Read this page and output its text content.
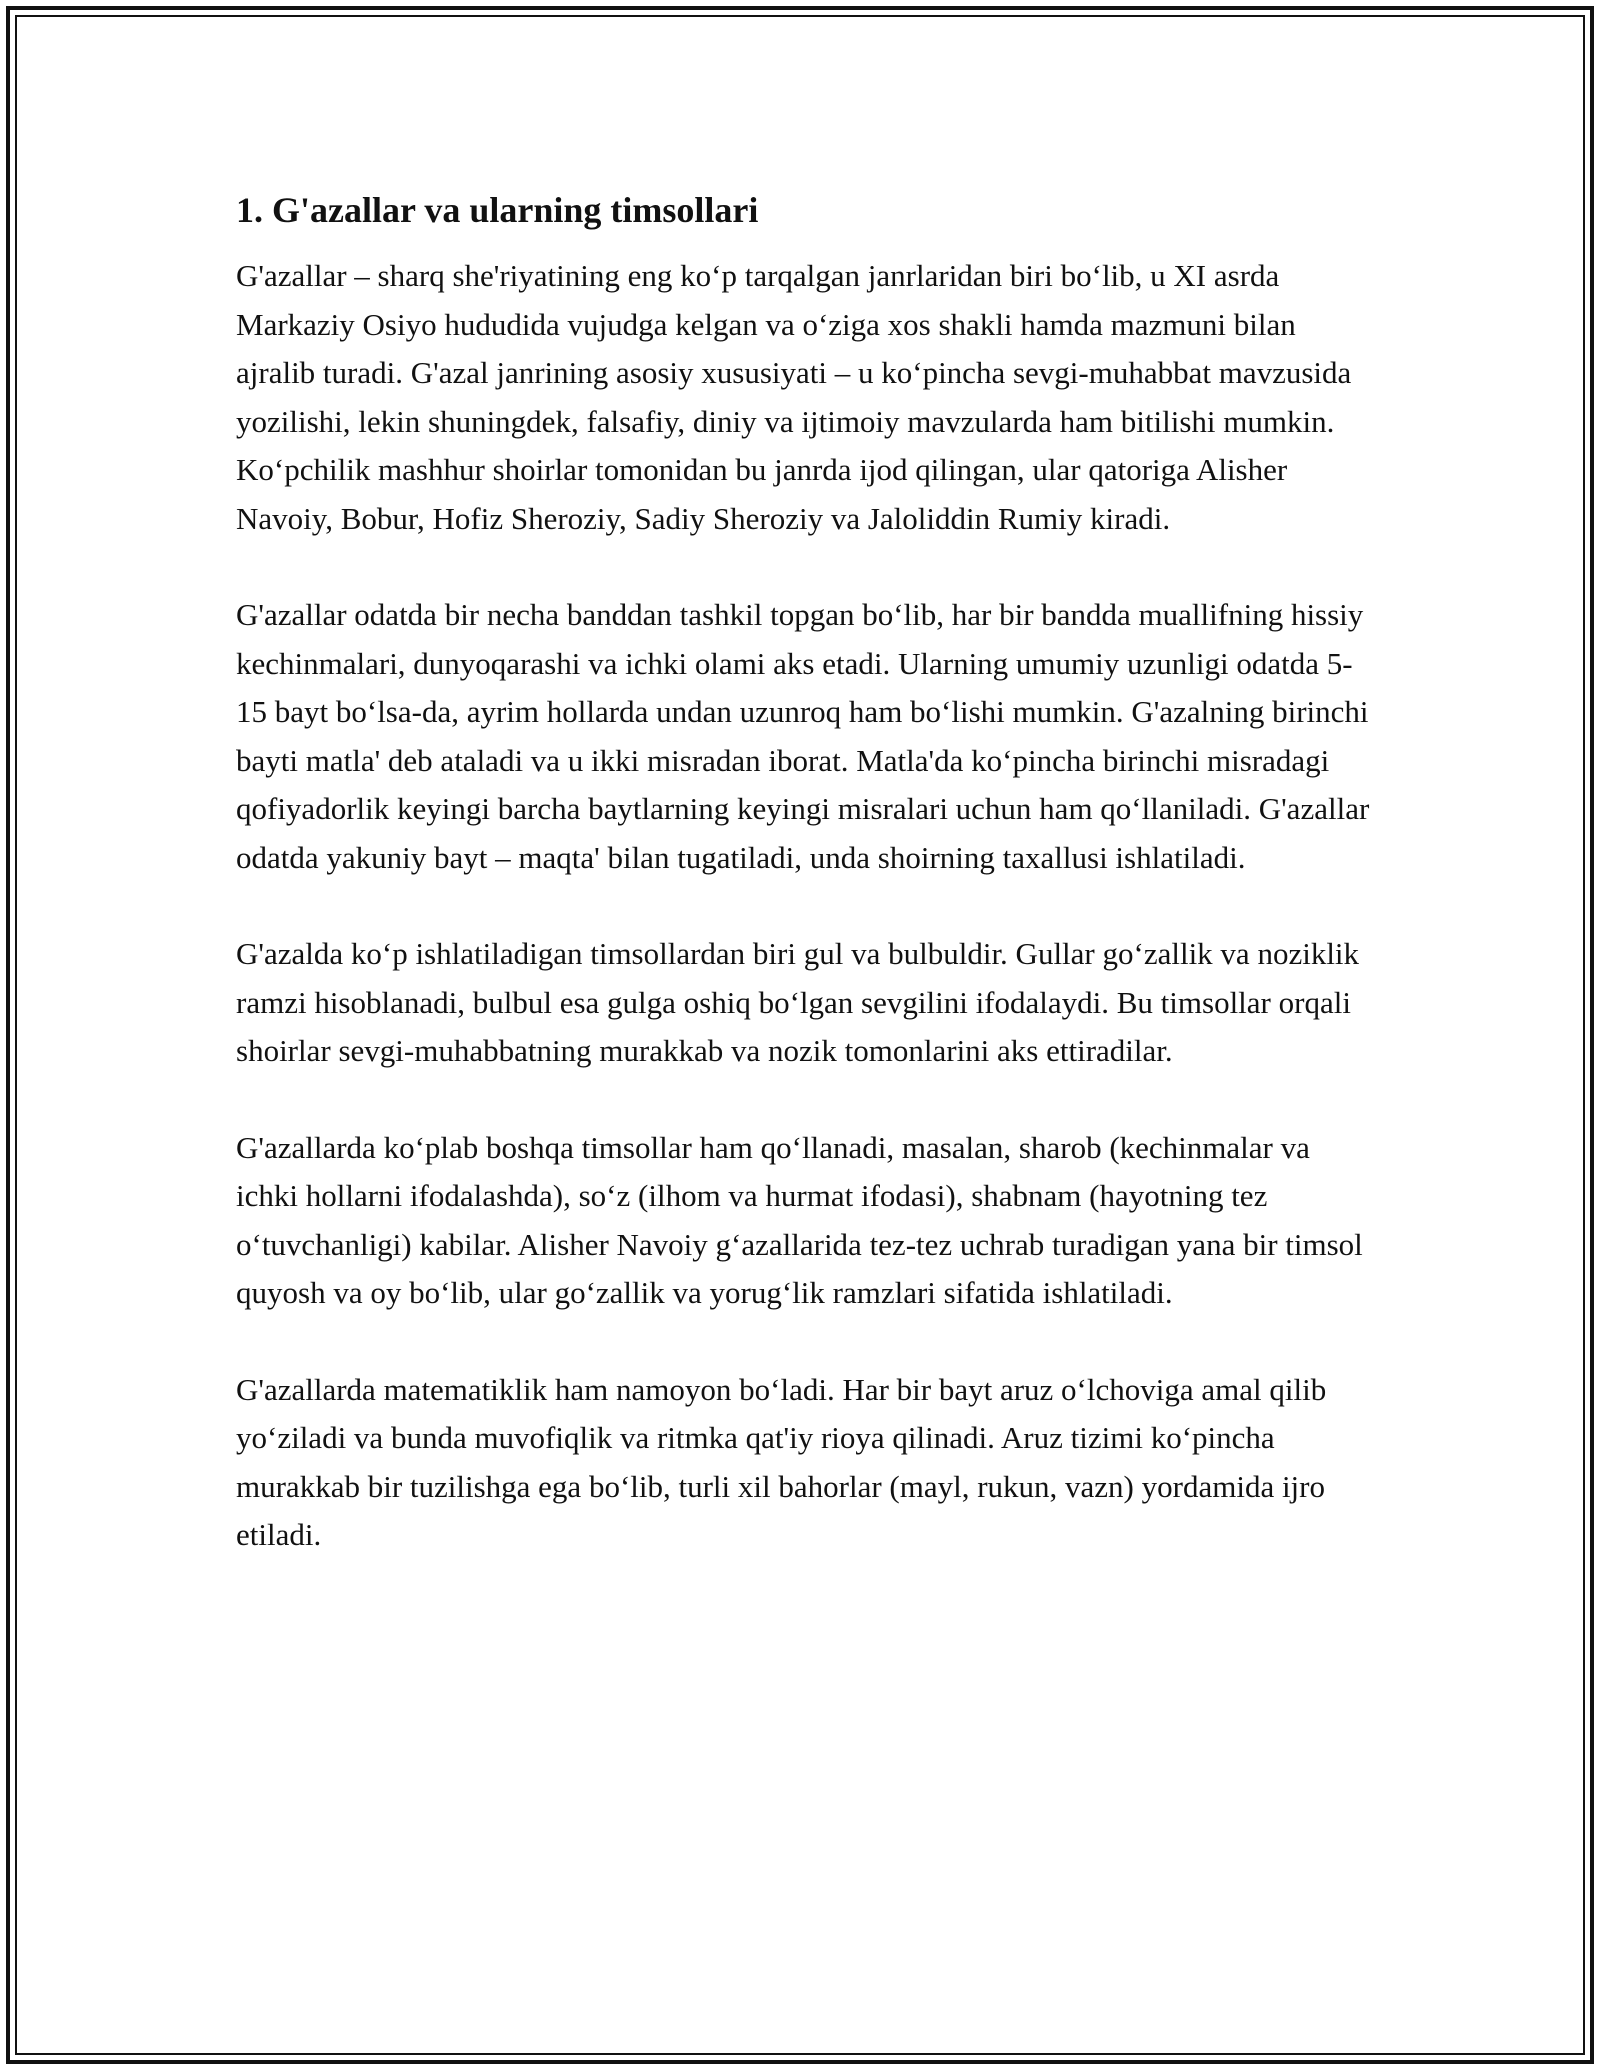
1. G'azallar va ularning timsollari

G'azallar – sharq she'riyatining eng ko‘p tarqalgan janrlaridan biri bo‘lib, u XI asrda Markaziy Osiyo hududida vujudga kelgan va o‘ziga xos shakli hamda mazmuni bilan ajralib turadi. G'azal janrining asosiy xususiyati – u ko‘pincha sevgi-muhabbat mavzusida yozilishi, lekin shuningdek, falsafiy, diniy va ijtimoiy mavzularda ham bitilishi mumkin. Ko‘pchilik mashhur shoirlar tomonidan bu janrda ijod qilingan, ular qatoriga Alisher Navoiy, Bobur, Hofiz Sheroziy, Sadiy Sheroziy va Jaloliddin Rumiy kiradi.

G'azallar odatda bir necha banddan tashkil topgan bo‘lib, har bir bandda muallifning hissiy kechinmalari, dunyoqarashi va ichki olami aks etadi. Ularning umumiy uzunligi odatda 5-15 bayt bo‘lsa-da, ayrim hollarda undan uzunroq ham bo‘lishi mumkin. G'azalning birinchi bayti matla' deb ataladi va u ikki misradan iborat. Matla'da ko‘pincha birinchi misradagi qofiyadorlik keyingi barcha baytlarning keyingi misralari uchun ham qo‘llaniladi. G'azallar odatda yakuniy bayt – maqta' bilan tugatiladi, unda shoirning taxallusi ishlatiladi.

G'azalda ko‘p ishlatiladigan timsollardan biri gul va bulbuldir. Gullar go‘zallik va noziklik ramzi hisoblanadi, bulbul esa gulga oshiq bo‘lgan sevgilini ifodalaydi. Bu timsollar orqali shoirlar sevgi-muhabbatning murakkab va nozik tomonlarini aks ettiradilar.

G'azallarda ko‘plab boshqa timsollar ham qo‘llanadi, masalan, sharob (kechinmalar va ichki hollarni ifodalashda), so‘z (ilhom va hurmat ifodasi), shabnam (hayotning tez o‘tuvchanligi) kabilar. Alisher Navoiy g‘azallarida tez-tez uchrab turadigan yana bir timsol quyosh va oy bo‘lib, ular go‘zallik va yorug‘lik ramzlari sifatida ishlatiladi.

G'azallarda matematiklik ham namoyon bo‘ladi. Har bir bayt aruz o‘lchoviga amal qilib yo‘ziladi va bunda muvofiqlik va ritmka qat'iy rioya qilinadi. Aruz tizimi ko‘pincha murakkab bir tuzilishga ega bo‘lib, turli xil bahorlar (mayl, rukun, vazn) yordamida ijro etiladi.
